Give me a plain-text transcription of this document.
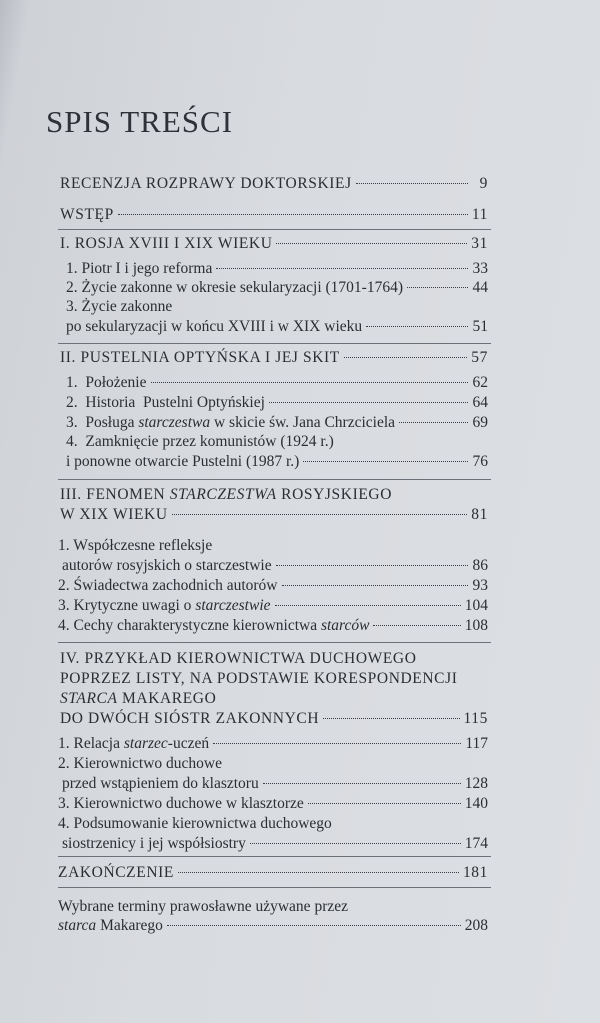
SPIS TREŚCI
RECENZJA ROZPRAWY DOKTORSKIEJ	9
WSTĘP	11
I. ROSJA XVIII I XIX WIEKU	31
1. Piotr I i jego reforma	33
2. Życie zakonne w okresie sekularyzacji (1701-1764)	44
3. Życie zakonne
po sekularyzacji w końcu XVIII i w XIX wieku	51
II. PUSTELNIA OPTYŃSKA I JEJ SKIT	57
1.  Położenie	62
2.  Historia  Pustelni Optyńskiej	64
3.  Posługa starczestwa w skicie św. Jana Chrzciciela	69
4.  Zamknięcie przez komunistów (1924 r.)
i ponowne otwarcie Pustelni (1987 r.)	76
III. FENOMEN STARCZESTWA ROSYJSKIEGO
W XIX WIEKU	81
1. Współczesne refleksje
autorów rosyjskich o starczestwie	86
2. Świadectwa zachodnich autorów	93
3. Krytyczne uwagi o starczestwie	104
4. Cechy charakterystyczne kierownictwa starców	108
IV. PRZYKŁAD KIEROWNICTWA DUCHOWEGO
POPRZEZ LISTY, NA PODSTAWIE KORESPONDENCJI
STARCA MAKAREGO
DO DWÓCH SIÓSTR ZAKONNYCH	115
1. Relacja starzec-uczeń	117
2. Kierownictwo duchowe
przed wstąpieniem do klasztoru	128
3. Kierownictwo duchowe w klasztorze	140
4. Podsumowanie kierownictwa duchowego
siostrzenicy i jej współsiostry	174
ZAKOŃCZENIE	181
Wybrane terminy prawosławne używane przez
starca Makarego	208
